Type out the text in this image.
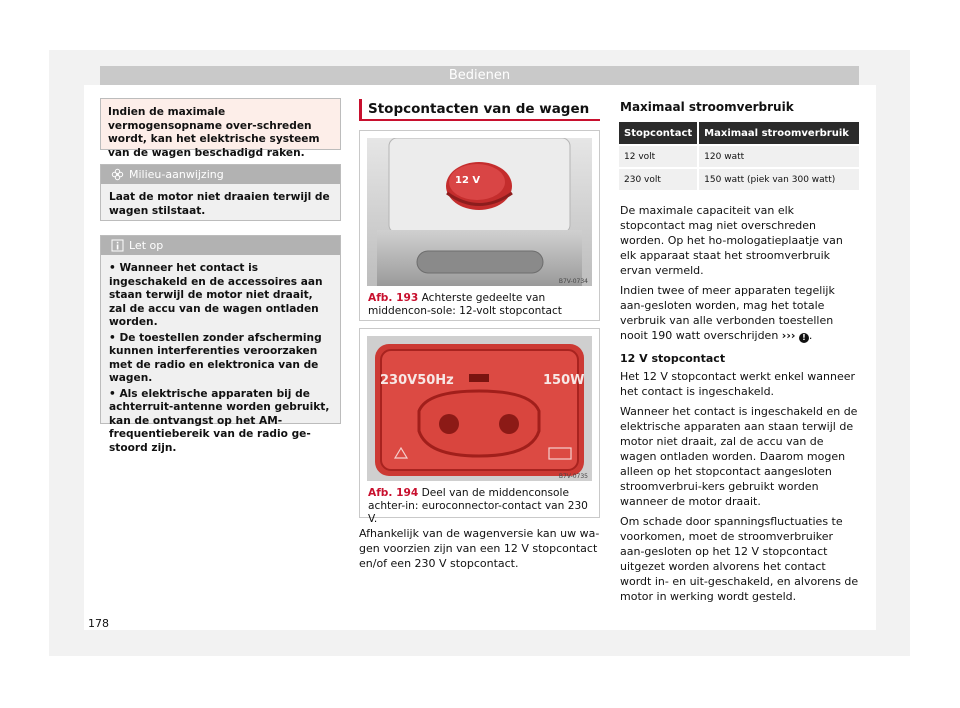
Bedienen
Indien de maximale vermogensopname over-schreden wordt, kan het elektrische systeem van de wagen beschadigd raken.
Milieu-aanwijzing
Laat de motor niet draaien terwijl de wagen stilstaat.
Let op
• Wanneer het contact is ingeschakeld en de accessoires aan staan terwijl de motor niet draait, zal de accu van de wagen ontladen worden.
• De toestellen zonder afscherming kunnen interferenties veroorzaken met de radio en elektronica van de wagen.
• Als elektrische apparaten bij de achterruit-antenne worden gebruikt, kan de ontvangst op het AM-frequentiebereik van de radio ge-stoord zijn.
178
Stopcontacten van de wagen
12 V
B7V-0734
Afb. 193 Achterste gedeelte van middencon-sole: 12-volt stopcontact
230V50Hz	150W
B7V-0735
Afb. 194 Deel van de middenconsole achter-in: euroconnector-contact van 230 V.
Afhankelijk van de wagenversie kan uw wa-gen voorzien zijn van een 12 V stopcontact en/of een 230 V stopcontact.
Maximaal stroomverbruik
Stopcontact	Maximaal stroomverbruik
12 volt	120 watt
230 volt	150 watt (piek van 300 watt)

De maximale capaciteit van elk stopcontact mag niet overschreden worden. Op het ho-mologatieplaatje van elk apparaat staat het stroomverbruik ervan vermeld.

Indien twee of meer apparaten tegelijk aan-gesloten worden, mag het totale verbruik van alle verbonden toestellen nooit 190 watt overschrijden ››› ! .

12 V stopcontact

Het 12 V stopcontact werkt enkel wanneer het contact is ingeschakeld.

Wanneer het contact is ingeschakeld en de elektrische apparaten aan staan terwijl de motor niet draait, zal de accu van de wagen ontladen worden. Daarom mogen alleen op het stopcontact aangesloten stroomverbrui-kers gebruikt worden wanneer de motor draait.

Om schade door spanningsfluctuaties te voorkomen, moet de stroomverbruiker aan-gesloten op het 12 V stopcontact uitgezet worden alvorens het contact wordt in- en uit-geschakeld, en alvorens de motor in werking wordt gesteld.
